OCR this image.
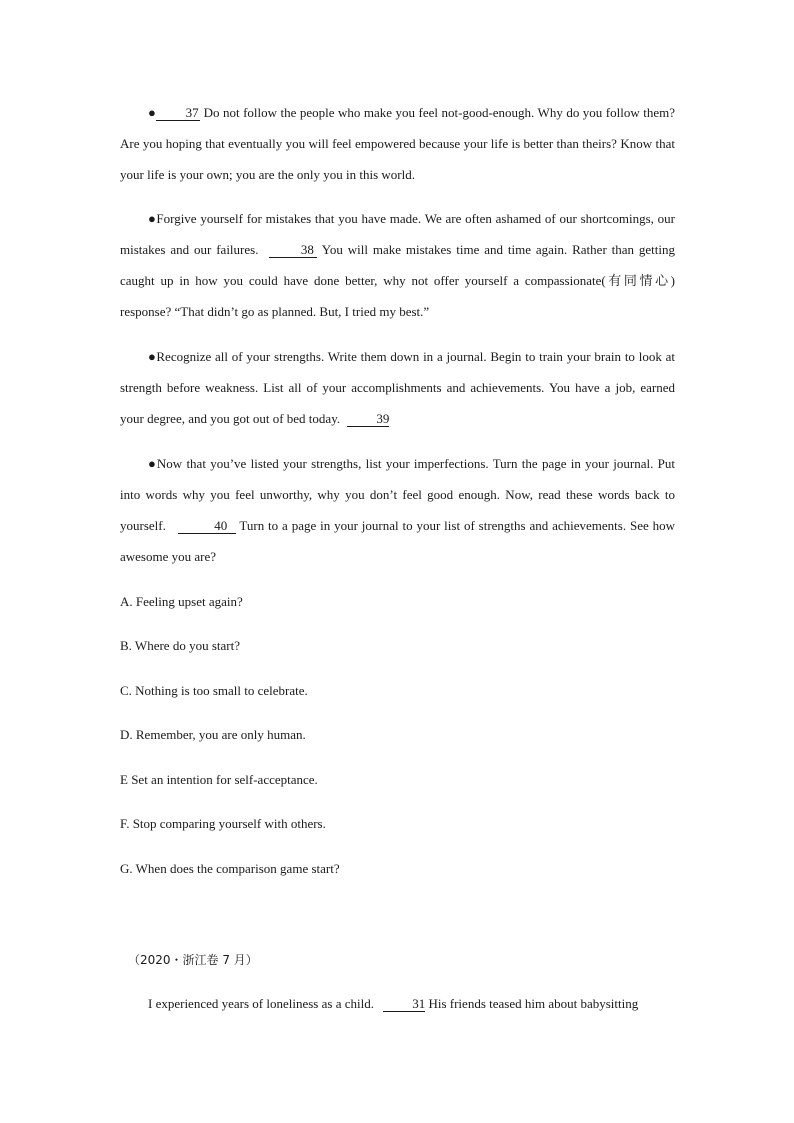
● 37 Do not follow the people who make you feel not-good-enough. Why do you follow them? Are you hoping that eventually you will feel empowered because your life is better than theirs? Know that your life is your own; you are the only you in this world.
●Forgive yourself for mistakes that you have made. We are often ashamed of our shortcomings, our mistakes and our failures.	38 You will make mistakes time and time again. Rather than getting caught up in how you could have done better, why not offer yourself a compassionate(有同情心) response? “That didn’t go as planned. But, I tried my best.”
●Recognize all of your strengths. Write them down in a journal. Begin to train your brain to look at strength before weakness. List all of your accomplishments and achievements. You have a job, earned your degree, and you got out of bed today.	39
●Now that you’ve listed your strengths, list your imperfections. Turn the page in your journal. Put into words why you feel unworthy, why you don’t feel good enough. Now, read these words back to yourself.	40 Turn to a page in your journal to your list of strengths and achievements. See how awesome you are?
A. Feeling upset again?
B. Where do you start?
C. Nothing is too small to celebrate.
D. Remember, you are only human.
E Set an intention for self-acceptance.
F. Stop comparing yourself with others.
G. When does the comparison game start?
（2020・浙江卷 7 月）
I experienced years of loneliness as a child.	31 His friends teased him about babysitting
